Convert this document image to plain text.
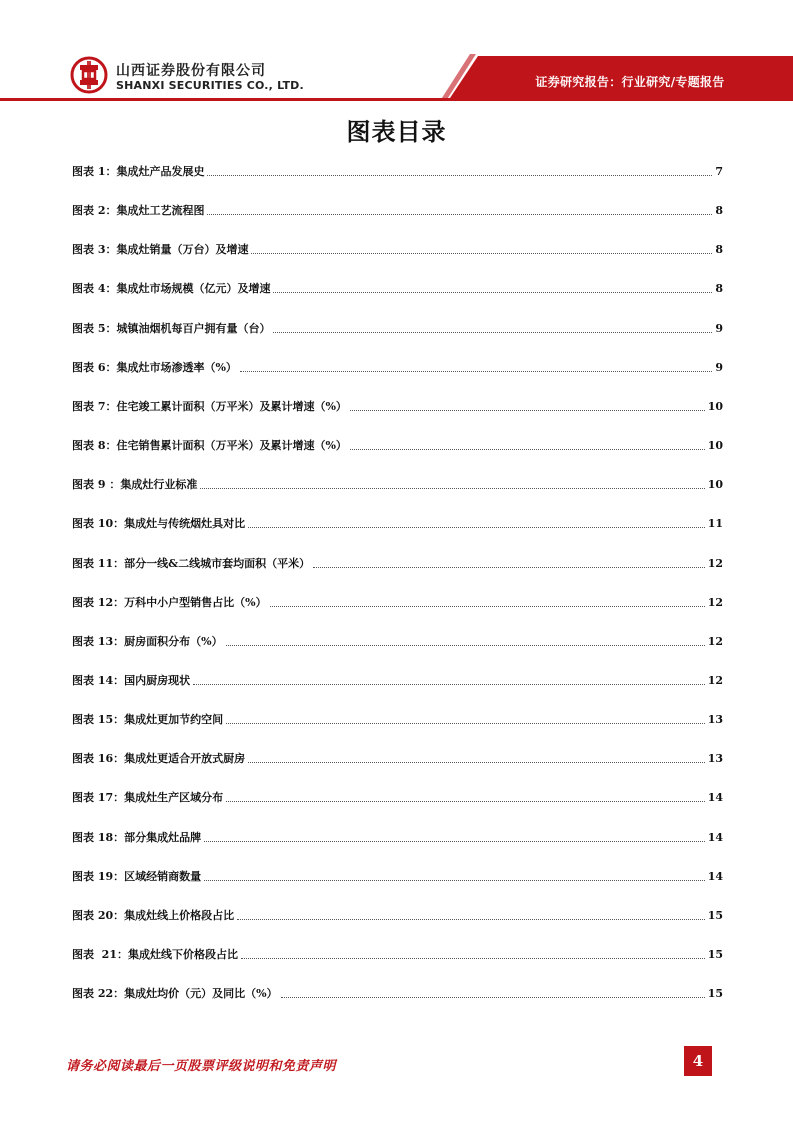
山西证券股份有限公司
SHANXI SECURITIES CO., LTD.	证券研究报告：行业研究/专题报告
图表目录
图表 1： 集成灶产品发展史	7
图表 2： 集成灶工艺流程图	8
图表 3： 集成灶销量（万台）及增速	8
图表 4： 集成灶市场规模（亿元）及增速	8
图表 5： 城镇油烟机每百户拥有量（台）	9
图表 6： 集成灶市场渗透率（%）	9
图表 7： 住宅竣工累计面积（万平米）及累计增速（%）	10
图表 8： 住宅销售累计面积（万平米）及累计增速（%）	10
图表 9 ： 集成灶行业标准	10
图表 10： 集成灶与传统烟灶具对比	11
图表 11： 部分一线&二线城市套均面积（平米）	12
图表 12： 万科中小户型销售占比（%）	12
图表 13： 厨房面积分布（%）	12
图表 14： 国内厨房现状	12
图表 15： 集成灶更加节约空间	13
图表 16： 集成灶更适合开放式厨房	13
图表 17： 集成灶生产区域分布	14
图表 18： 部分集成灶品牌	14
图表 19： 区域经销商数量	14
图表 20： 集成灶线上价格段占比	15
图表  21： 集成灶线下价格段占比	15
图表 22： 集成灶均价（元）及同比（%）	15
请务必阅读最后一页股票评级说明和免责声明	4
